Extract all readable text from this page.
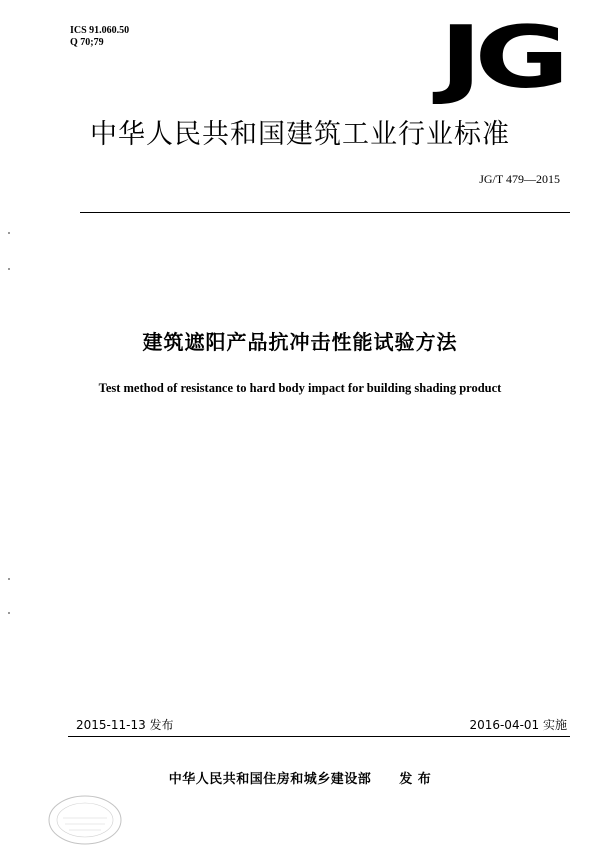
ICS 91.060.50
Q 70;79	JG
中华人民共和国建筑工业行业标准
JG/T 479—2015
建筑遮阳产品抗冲击性能试验方法
Test method of resistance to hard body impact for building shading product
2015-11-13 发布	2016-04-01 实施
中华人民共和国住房和城乡建设部 发 布
